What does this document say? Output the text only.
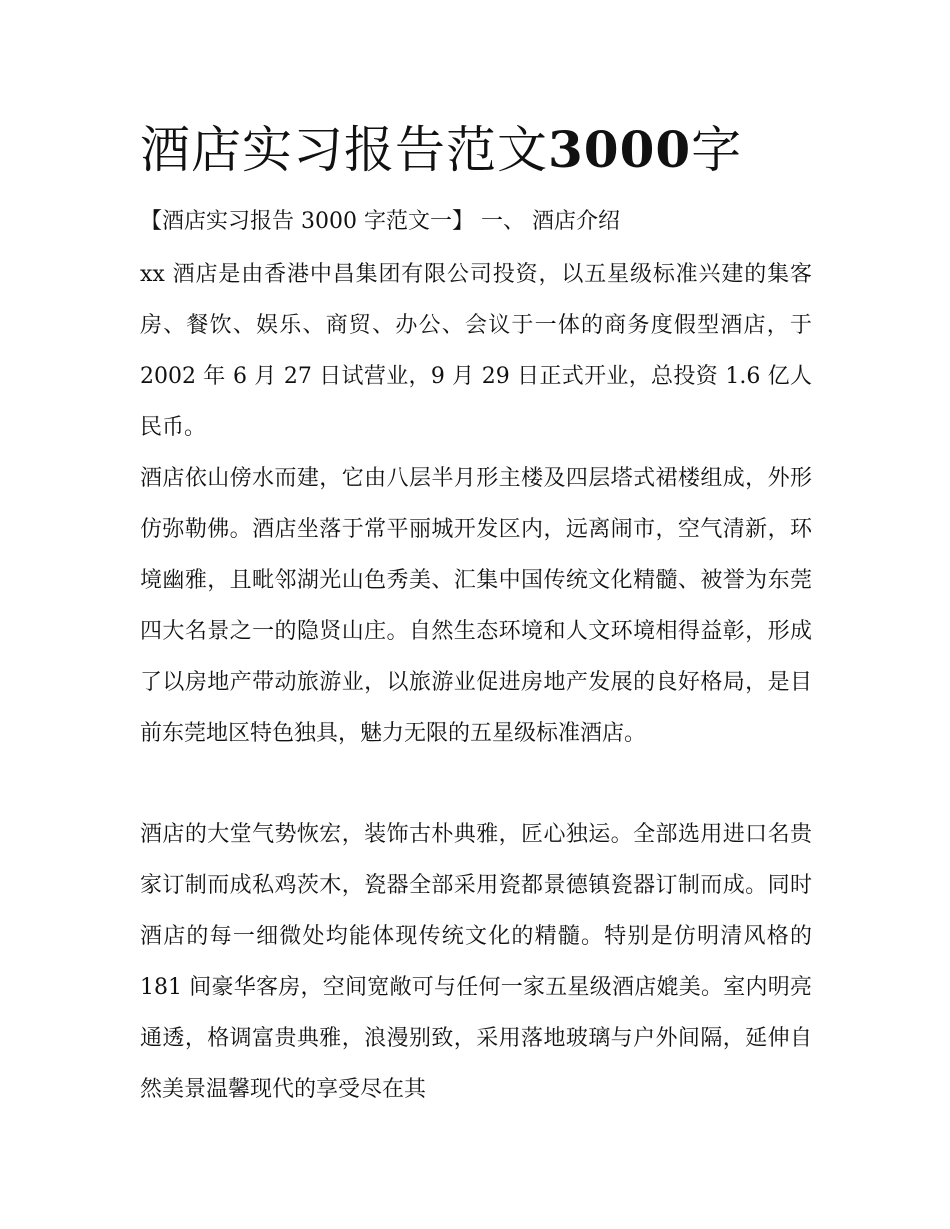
酒店实习报告范文3000字
【酒店实习报告 3000 字范文一】 一、 酒店介绍

xx 酒店是由香港中昌集团有限公司投资，以五星级标准兴建的集客房、餐饮、娱乐、商贸、办公、会议于一体的商务度假型酒店，于 2002 年 6 月 27 日试营业，9 月 29 日正式开业，总投资 1.6 亿人民币。

酒店依山傍水而建，它由八层半月形主楼及四层塔式裙楼组成，外形仿弥勒佛。酒店坐落于常平丽城开发区内，远离闹市，空气清新，环境幽雅，且毗邻湖光山色秀美、汇集中国传统文化精髓、被誉为东莞四大名景之一的隐贤山庄。自然生态环境和人文环境相得益彰，形成了以房地产带动旅游业，以旅游业促进房地产发展的良好格局，是目前东莞地区特色独具，魅力无限的五星级标准酒店。

酒店的大堂气势恢宏，装饰古朴典雅，匠心独运。全部选用进口名贵家订制而成私鸡茨木，瓷器全部采用瓷都景德镇瓷器订制而成。同时酒店的每一细微处均能体现传统文化的精髓。特别是仿明清风格的 181 间豪华客房，空间宽敞可与任何一家五星级酒店媲美。室内明亮通透，格调富贵典雅，浪漫别致，采用落地玻璃与户外间隔，延伸自然美景温馨现代的享受尽在其
